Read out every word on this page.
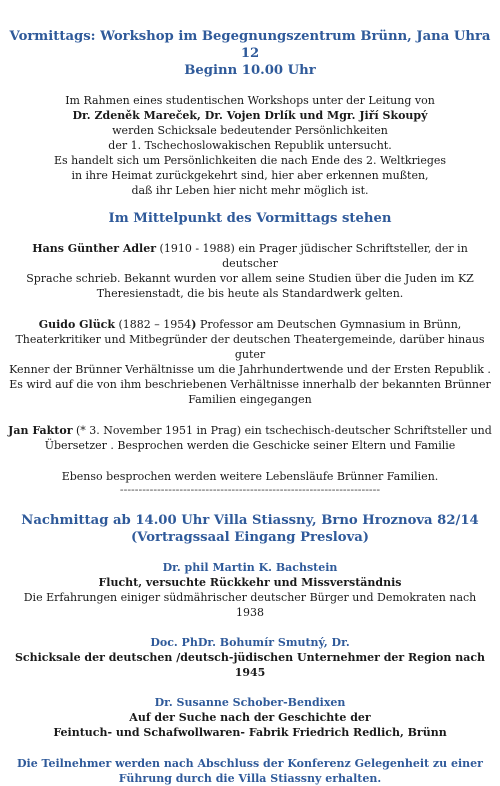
Vormittags: Workshop im Begegnungszentrum Brünn, Jana Uhra 12
Beginn 10.00 Uhr

Im Rahmen eines studentischen Workshops unter der Leitung von

Dr. Zdeněk Mareček, Dr. Vojen Drlík und Mgr. Jiří Skoupý

werden Schicksale bedeutender Persönlichkeiten

der 1. Tschechoslowakischen Republik untersucht.

Es handelt sich um Persönlichkeiten die nach Ende des 2. Weltkrieges

in ihre Heimat zurückgekehrt sind, hier aber erkennen mußten,

daß ihr Leben hier nicht mehr möglich ist.

Im Mittelpunkt des Vormittags stehen

Hans Günther Adler (1910 - 1988) ein Prager jüdischer Schriftsteller, der in deutscher

Sprache schrieb. Bekannt wurden vor allem seine Studien über die Juden im KZ

Theresienstadt, die bis heute als Standardwerk gelten.

Guido Glück (1882 – 1954) Professor am Deutschen Gymnasium in Brünn,

Theaterkritiker und Mitbegründer der deutschen Theatergemeinde, darüber hinaus guter

Kenner der Brünner Verhältnisse um die Jahrhundertwende und der Ersten Republik .

Es wird auf die von ihm beschriebenen Verhältnisse innerhalb der bekannten Brünner

Familien eingegangen

Jan Faktor (* 3. November 1951 in Prag) ein tschechisch-deutscher Schriftsteller und

Übersetzer . Besprochen werden die Geschicke seiner Eltern und Familie

Ebenso besprochen werden weitere Lebensläufe Brünner Familien.

----------------------------------------------------------------------
Nachmittag ab 14.00 Uhr Villa Stiassny, Brno Hroznova 82/14
(Vortragssaal Eingang Preslova)
Dr. phil Martin K. Bachstein
Flucht, versuchte Rückkehr und Missverständnis
Die Erfahrungen einiger südmährischer deutscher Bürger und Demokraten nach 1938
Doc. PhDr. Bohumír Smutný, Dr.
Schicksale der deutschen /deutsch-jüdischen Unternehmer der Region nach 1945
Dr. Susanne Schober-Bendixen
Auf der Suche nach der Geschichte der
Feintuch- und Schafwollwaren- Fabrik Friedrich Redlich, Brünn
Die Teilnehmer werden nach Abschluss der Konferenz Gelegenheit zu einer
Führung durch die Villa Stiassny erhalten.
